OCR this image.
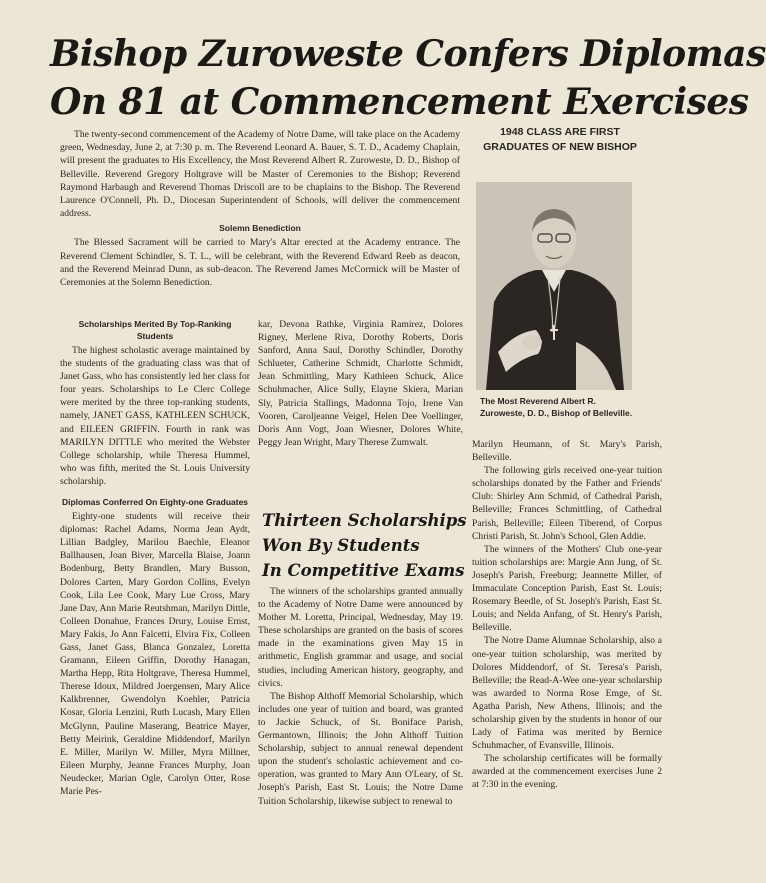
Bishop Zuroweste Confers Diplomas
On 81 at Commencement Exercises

The twenty-second commencement of the Academy of Notre Dame, will take place on the Academy green, Wednesday, June 2, at 7:30 p. m. The Reverend Leonard A. Bauer, S. T. D., Academy Chaplain, will present the graduates to His Excellency, the Most Reverend Albert R. Zuroweste, D. D., Bishop of Belleville. Reverend Gregory Holtgrave will be Master of Ceremonies to the Bishop; Reverend Raymond Harbaugh and Reverend Thomas Driscoll are to be chaplains to the Bishop. The Reverend Laurence O'Connell, Ph. D., Diocesan Superintendent of Schools, will deliver the commencement address.

Solemn Benediction

The Blessed Sacrament will be carried to Mary's Altar erected at the Academy entrance. The Reverend Clement Schindler, S. T. L., will be celebrant, with the Reverend Edward Reeb as deacon, and the Reverend Meinrad Dunn, as sub-deacon. The Reverend James McCormick will be Master of Ceremonies at the Solemn Benediction.

1948 CLASS ARE FIRST GRADUATES OF NEW BISHOP
The Most Reverend Albert R. Zuroweste, D. D., Bishop of Belleville.
Scholarships Merited By Top-Ranking Students

The highest scholastic average maintained by the students of the graduating class was that of Janet Gass, who has consistently led her class for four years. Scholarships to Le Clerc College were merited by the three top-ranking students, namely, JANET GASS, KATHLEEN SCHUCK, and EILEEN GRIFFIN. Fourth in rank was MARILYN DITTLE who merited the Webster College scholarship, while Theresa Hummel, who was fifth, merited the St. Louis University scholarship.

Diplomas Conferred On Eighty-one Graduates

Eighty-one students will receive their diplomas: Rachel Adams, Norma Jean Aydt, Lillian Badgley, Marilou Baechle, Eleanor Ballhausen, Joan Biver, Marcella Blaise, Joann Bodenburg, Betty Brandlen, Mary Busson, Dolores Carten, Mary Gordon Collins, Evelyn Cook, Lila Lee Cook, Mary Lue Cross, Mary Jane Dav, Ann Marie Reutshman, Marilyn Dittle, Colleen Donahue, Frances Drury, Louise Ernst, Mary Fakis, Jo Ann Falcetti, Elvira Fix, Colleen Gass, Janet Gass, Blanca Gonzalez, Loretta Gramann, Eileen Griffin, Dorothy Hanagan, Martha Hepp, Rita Holtgrave, Theresa Hummel, Therese Idoux, Mildred Joergensen, Mary Alice Kalkbrenner, Gwendolyn Koehler, Patricia Kosar, Gloria Lenzini, Ruth Lucash, Mary Ellen McGlynn, Pauline Maserang, Beatrice Mayer, Betty Meirink, Geraldine Middendorf, Marilyn E. Miller, Marilyn W. Miller, Myra Millner, Eileen Murphy, Jeanne Frances Murphy, Joan Neudecker, Marian Ogle, Carolyn Otter, Rose Marie Pes-

kar, Devona Rathke, Virginia Ramirez, Dolores Rigney, Merlene Riva, Dorothy Roberts, Doris Sanford, Anna Saul, Dorothy Schindler, Dorothy Schlueter, Catherine Schmidt, Charlotte Schmidt, Jean Schmittling, Mary Kathleen Schuck, Alice Schuhmacher, Alice Sully, Elayne Skiera, Marian Sly, Patricia Stallings, Madonna Tojo, Irene Van Vooren, Caroljeanne Veigel, Helen Dee Voellinger, Doris Ann Vogt, Joan Wiesner, Dolores White, Peggy Jean Wright, Mary Therese Zumwalt.

Thirteen Scholarships
Won By Students
In Competitive Exams

The winners of the scholarships granted annually to the Academy of Notre Dame were announced by Mother M. Loretta, Principal, Wednesday, May 19. These scholarships are granted on the basis of scores made in the examinations given May 15 in arithmetic, English grammar and usage, and social studies, including American history, geography, and civics.

The Bishop Althoff Memorial Scholarship, which includes one year of tuition and board, was granted to Jackie Schuck, of St. Boniface Parish, Germantown, Illinois; the John Althoff Tuition Scholarship, subject to annual renewal dependent upon the student's scholastic achievement and co-operation, was granted to Mary Ann O'Leary, of St. Joseph's Parish, East St. Louis; the Notre Dame Tuition Scholarship, likewise subject to renewal to

Marilyn Heumann, of St. Mary's Parish, Belleville.

The following girls received one-year tuition scholarships donated by the Father and Friends' Club: Shirley Ann Schmid, of Cathedral Parish, Belleville; Frances Schmittling, of Cathedral Parish, Belleville; Eileen Tiberend, of Corpus Christi Parish, St. John's School, Glen Addie.

The winners of the Mothers' Club one-year tuition scholarships are: Margie Ann Jung, of St. Joseph's Parish, Freeburg; Jeannette Miller, of Immaculate Conception Parish, East St. Louis; Rosemary Beedle, of St. Joseph's Parish, East St. Louis; and Nelda Anfang, of St. Henry's Parish, Belleville.

The Notre Dame Alumnae Scholarship, also a one-year tuition scholarship, was merited by Dolores Middendorf, of St. Teresa's Parish, Belleville; the Read-A-Wee one-year scholarship was awarded to Norma Rose Emge, of St. Agatha Parish, New Athens, Illinois; and the scholarship given by the students in honor of our Lady of Fatima was merited by Bernice Schuhmacher, of Evansville, Illinois.

The scholarship certificates will be formally awarded at the commencement exercises June 2 at 7:30 in the evening.
